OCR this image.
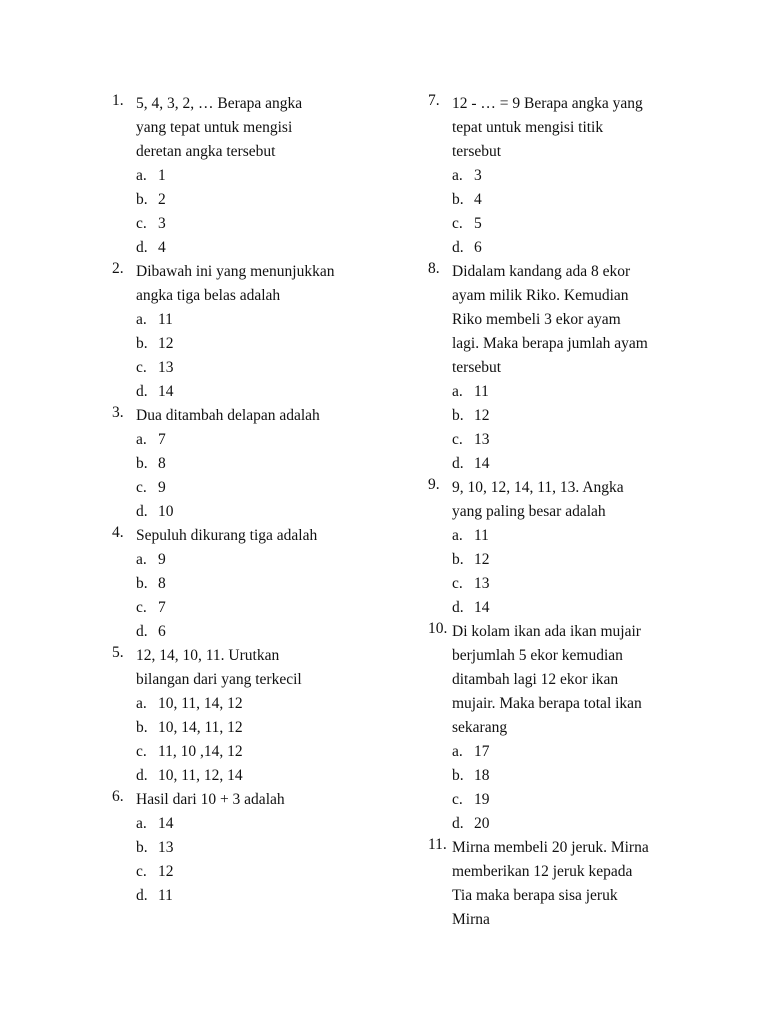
1. 5, 4, 3, 2, … Berapa angka
yang tepat untuk mengisi
deretan angka tersebut
a. 1
b. 2
c. 3
d. 4
2. Dibawah ini yang menunjukkan
angka tiga belas adalah
a. 11
b. 12
c. 13
d. 14
3. Dua ditambah delapan adalah
a. 7
b. 8
c. 9
d. 10
4. Sepuluh dikurang tiga adalah
a. 9
b. 8
c. 7
d. 6
5. 12, 14, 10, 11. Urutkan
bilangan dari yang terkecil
a. 10, 11, 14, 12
b. 10, 14, 11, 12
c. 11, 10 ,14, 12
d. 10, 11, 12, 14
6. Hasil dari 10 + 3 adalah
a. 14
b. 13
c. 12
d. 11
7. 12 - … = 9 Berapa angka yang
tepat untuk mengisi titik
tersebut
a. 3
b. 4
c. 5
d. 6
8. Didalam kandang ada 8 ekor
ayam milik Riko. Kemudian
Riko membeli 3 ekor ayam
lagi. Maka berapa jumlah ayam
tersebut
a. 11
b. 12
c. 13
d. 14
9. 9, 10, 12, 14, 11, 13. Angka
yang paling besar adalah
a. 11
b. 12
c. 13
d. 14
10. Di kolam ikan ada ikan mujair
berjumlah 5 ekor kemudian
ditambah lagi 12 ekor ikan
mujair. Maka berapa total ikan
sekarang
a. 17
b. 18
c. 19
d. 20
11. Mirna membeli 20 jeruk. Mirna
memberikan 12 jeruk kepada
Tia maka berapa sisa jeruk
Mirna
